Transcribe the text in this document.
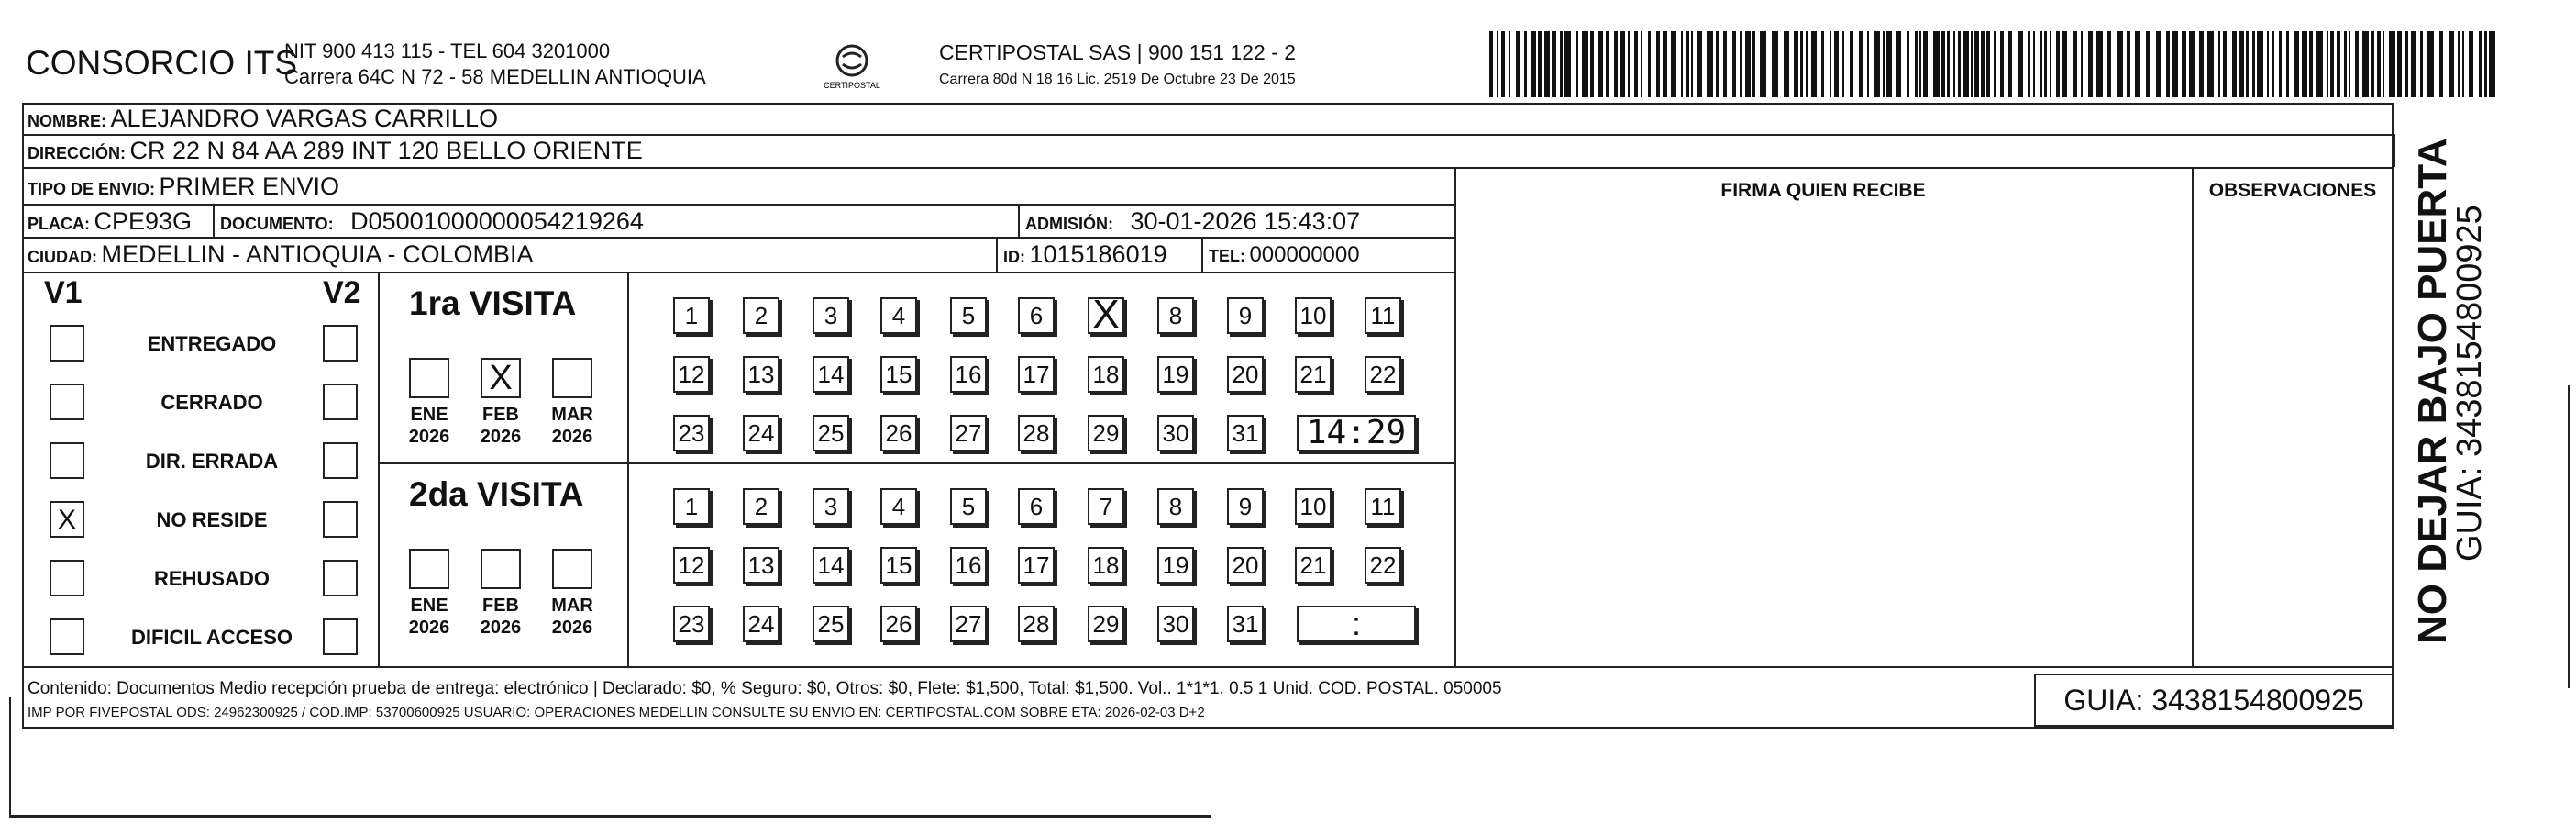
CONSORCIO ITS
NIT 900 413 115 - TEL 604 3201000
Carrera 64C N 72 - 58 MEDELLIN ANTIOQUIA	CERTIPOSTAL
CERTIPOSTAL SAS | 900 151 122 - 2
Carrera 80d N 18 16 Lic. 2519 De Octubre 23 De 2015
NOMBRE: ALEJANDRO VARGAS CARRILLO
DIRECCIÓN: CR 22 N 84 AA 289 INT 120 BELLO ORIENTE
TIPO DE ENVIO: PRIMER ENVIO
PLACA: CPE93G DOCUMENTO: D05001000000054219264	ADMISIÓN: 30-01-2026 15:43:07
CIUDAD: MEDELLIN - ANTIOQUIA - COLOMBIA	ID: 1015186019	TEL: 000000000
FIRMA QUIEN RECIBE	OBSERVACIONES
V1	V2
ENTREGADO
CERRADO
DIR. ERRADA
X	NO RESIDE
REHUSADO
DIFICIL ACCESO
1ra VISITA
ENE
2026
X
FEB
2026
MAR
2026
1	2	3	4	5	6 X	8	9	10 11
12 13 14 15 16 17 18 19 20 21 22
23 24 25 26 27 28 29 30 31	14:29
2da VISITA
ENE
2026
FEB
2026
MAR
2026
1	2	3	4	5	6	7	8	9	10 11
12 13 14 15 16 17 18 19 20 21 22
23 24 25 26 27 28 29 30 31	:
Contenido: Documentos Medio recepción prueba de entrega: electrónico | Declarado: $0, % Seguro: $0, Otros: $0, Flete: $1,500, Total: $1,500. Vol.. 1*1*1. 0.5 1 Unid. COD. POSTAL. 050005
IMP POR FIVEPOSTAL ODS: 24962300925 / COD.IMP: 53700600925 USUARIO: OPERACIONES MEDELLIN CONSULTE SU ENVIO EN: CERTIPOSTAL.COM SOBRE ETA: 2026-02-03 D+2	GUIA: 3438154800925
NO DEJAR BAJO PUERTA
GUIA: 3438154800925
